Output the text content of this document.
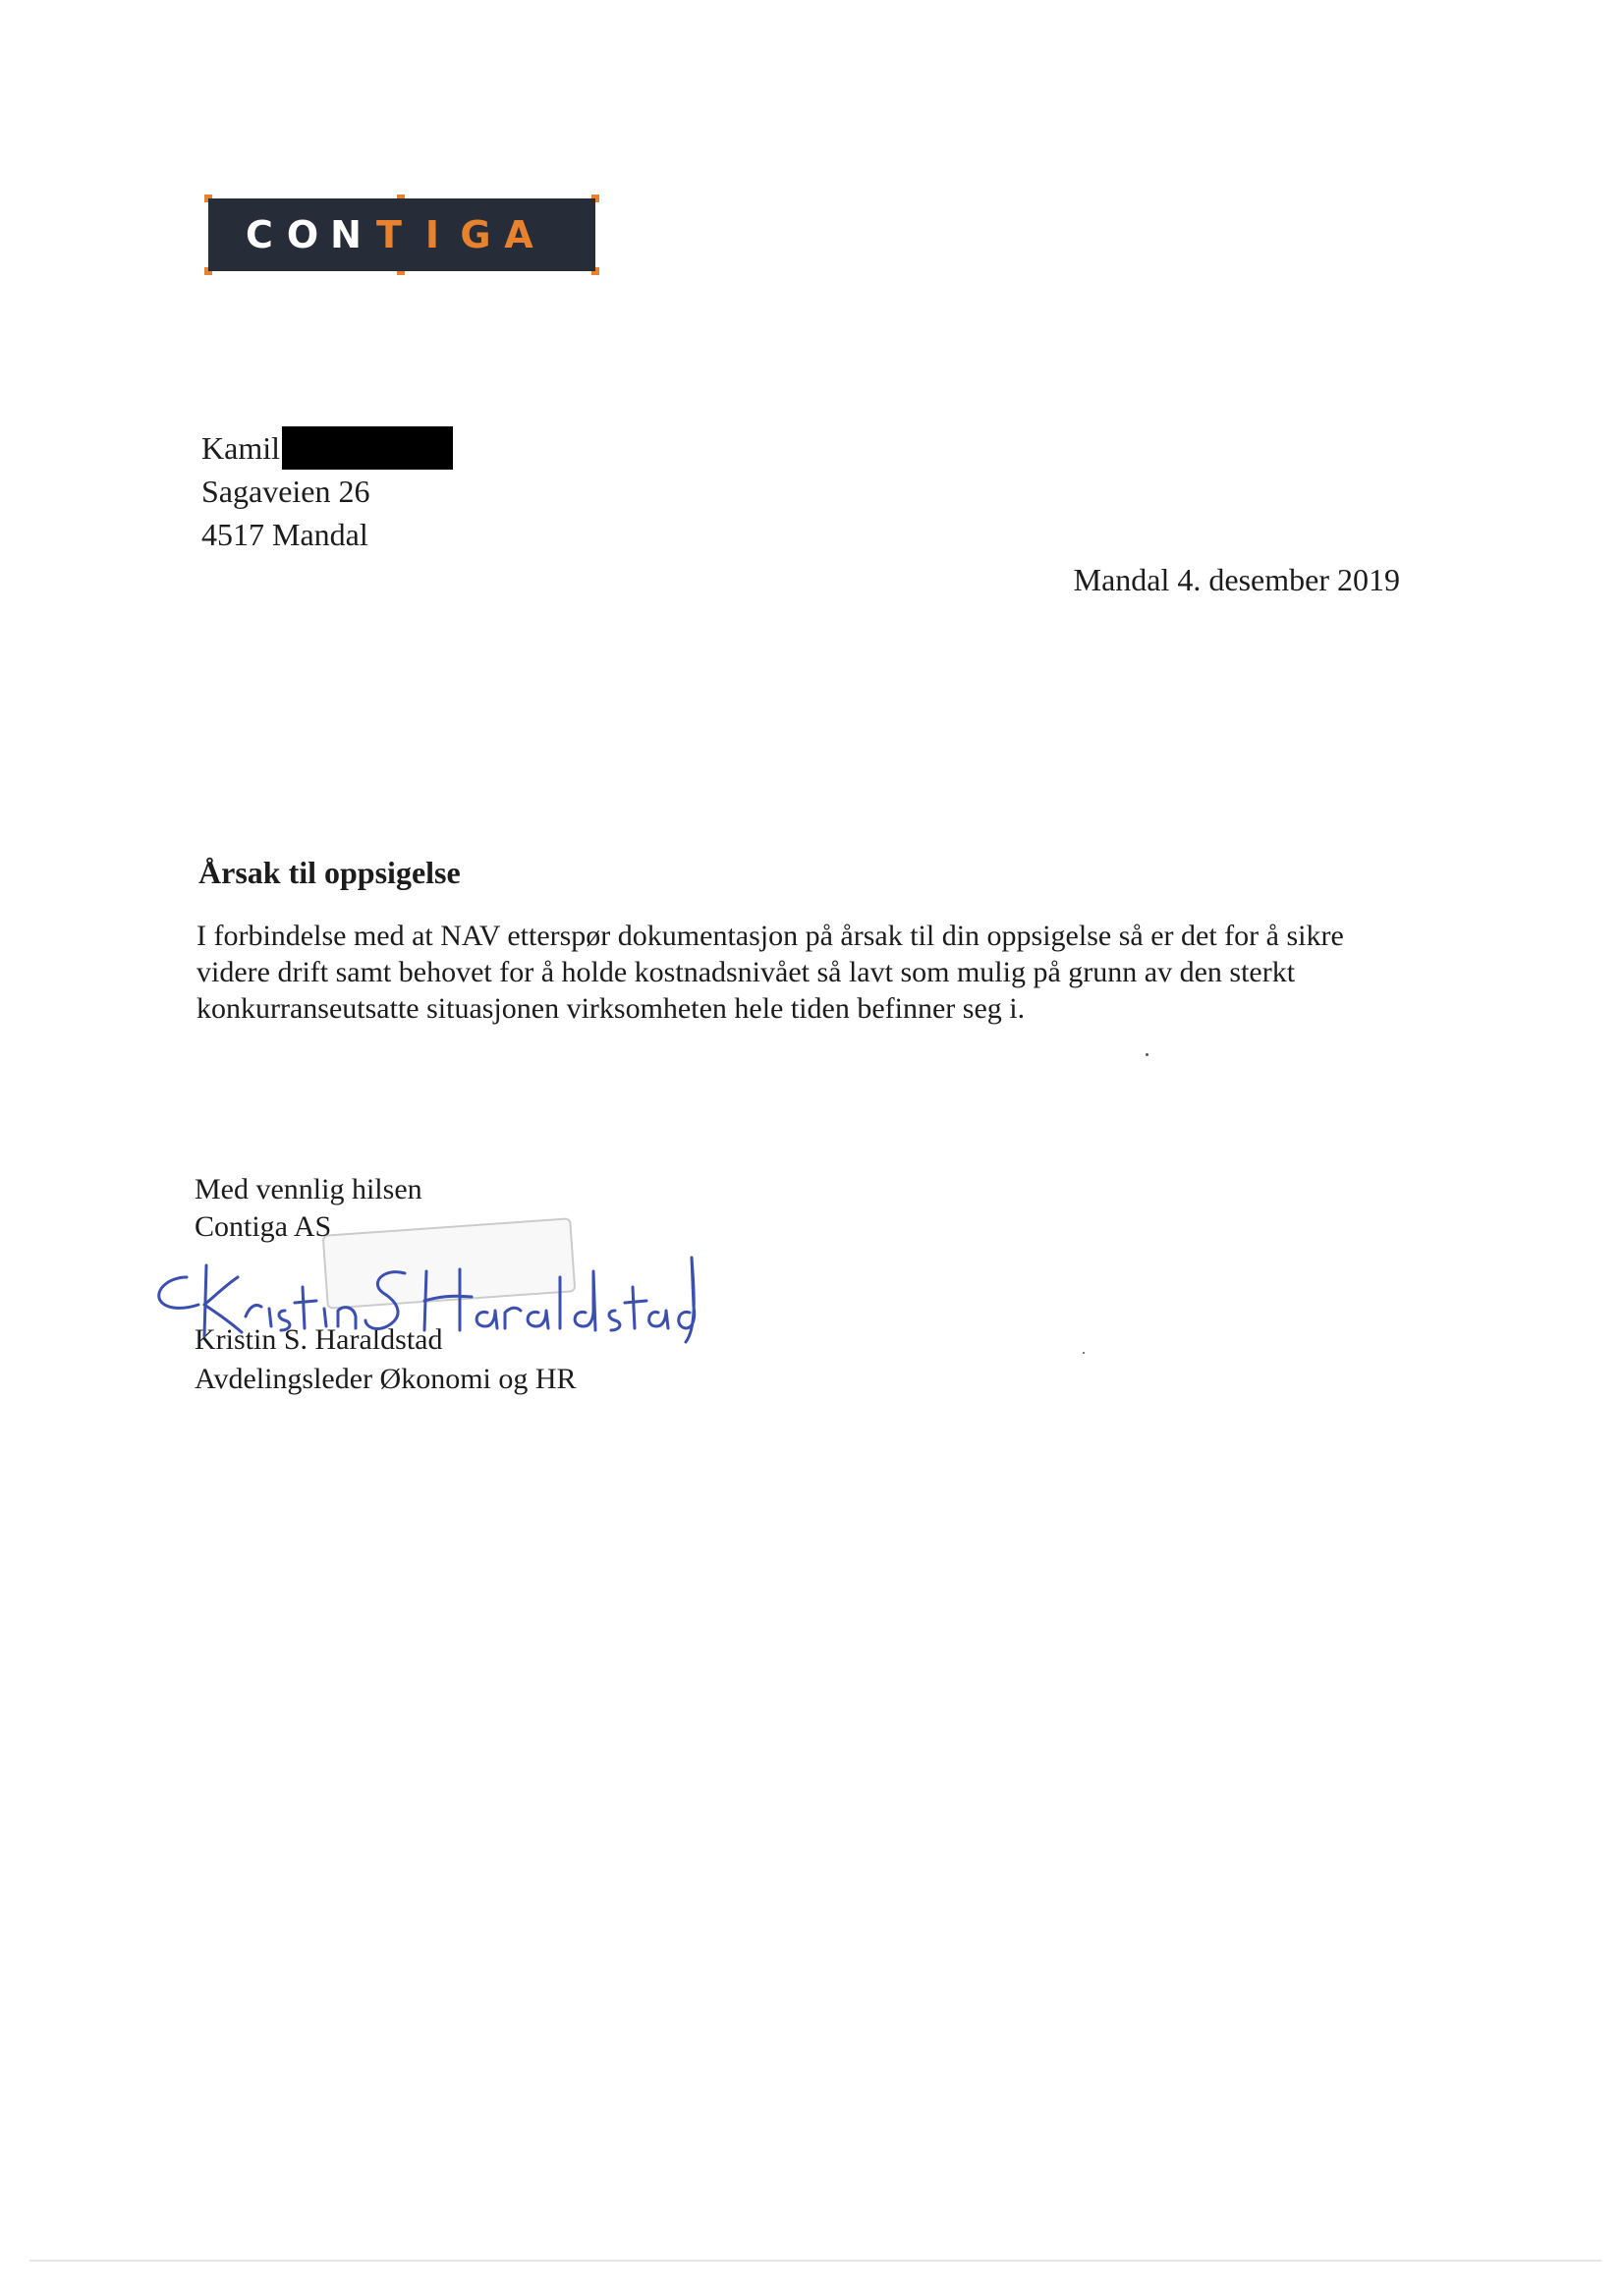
C O N T I G A
Kamil
Sagaveien 26
4517 Mandal
Mandal 4. desember 2019
Årsak til oppsigelse
I forbindelse med at NAV etterspør dokumentasjon på årsak til din oppsigelse så er det for å sikre
videre drift samt behovet for å holde kostnadsnivået så lavt som mulig på grunn av den sterkt
konkurranseutsatte situasjonen virksomheten hele tiden befinner seg i.
Med vennlig hilsen
Contiga AS
Kristin S. Haraldstad
Avdelingsleder Økonomi og HR
